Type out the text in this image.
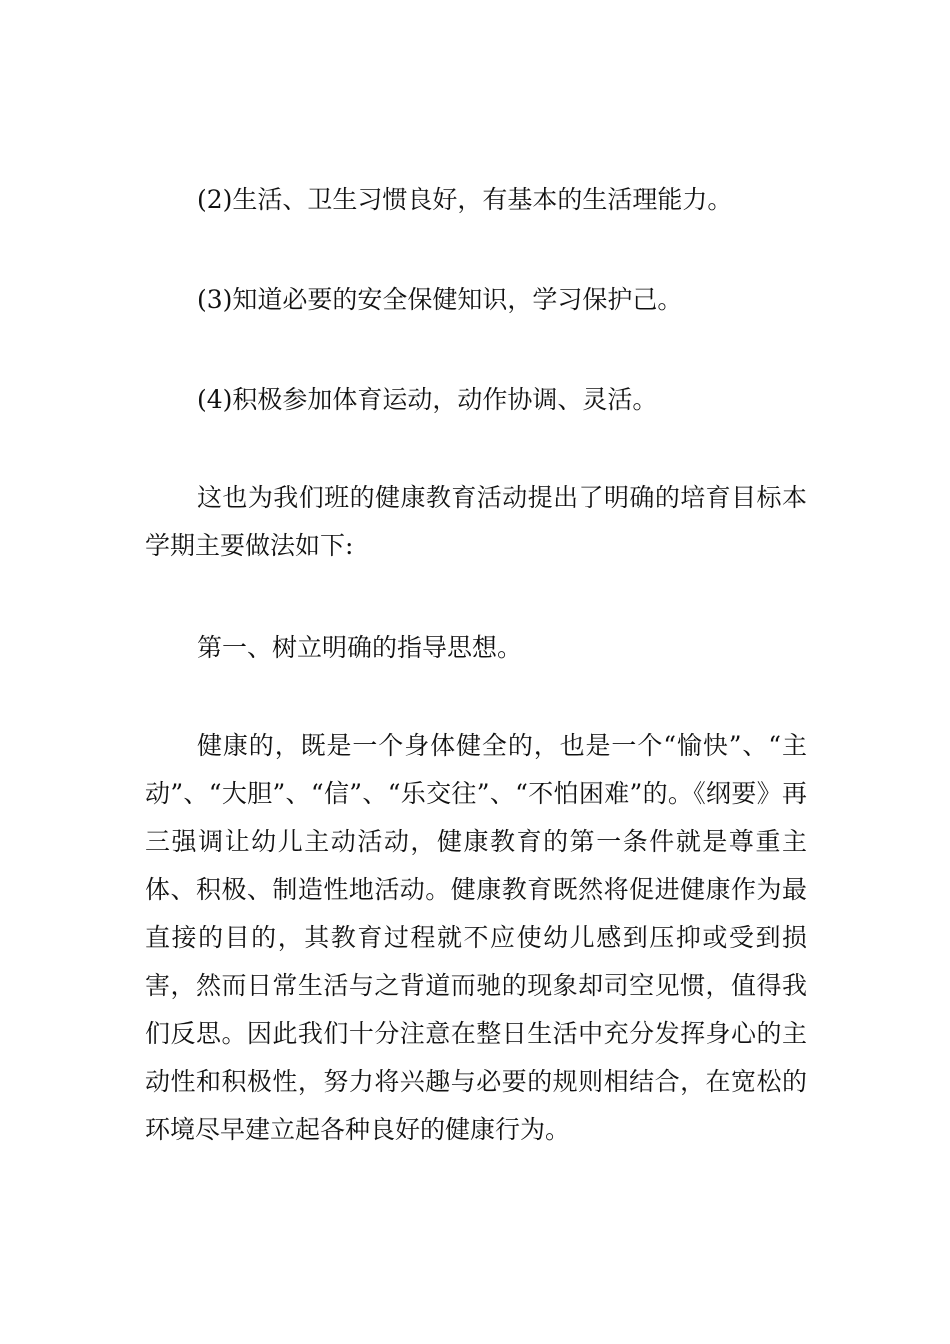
(2)生活、卫生习惯良好，有基本的生活理能力。

(3)知道必要的安全保健知识，学习保护己。

(4)积极参加体育运动，动作协调、灵活。

这也为我们班的健康教育活动提出了明确的培育目标本学期主要做法如下:

第一、树立明确的指导思想。

健康的，既是一个身体健全的，也是一个“愉快”、“主动”、“大胆”、“信”、“乐交往”、“不怕困难”的。《纲要》再三强调让幼儿主动活动，健康教育的第一条件就是尊重主体、积极、制造性地活动。健康教育既然将促进健康作为最直接的目的，其教育过程就不应使幼儿感到压抑或受到损害，然而日常生活与之背道而驰的现象却司空见惯，值得我们反思。因此我们十分注意在整日生活中充分发挥身心的主动性和积极性，努力将兴趣与必要的规则相结合，在宽松的环境尽早建立起各种良好的健康行为。
